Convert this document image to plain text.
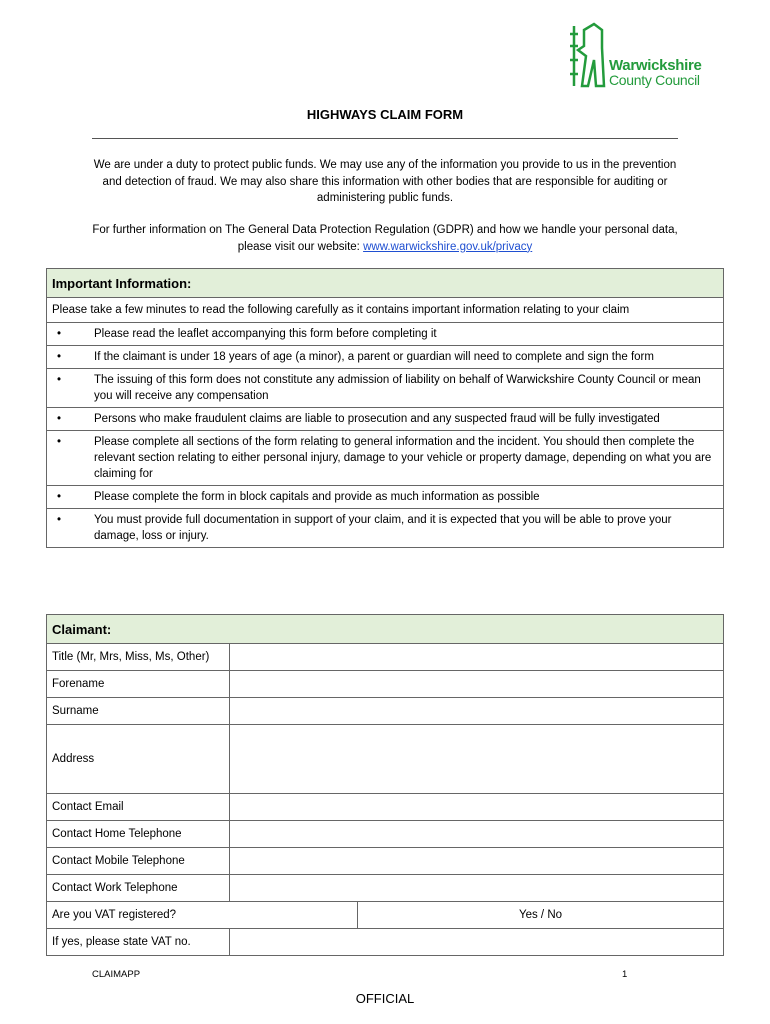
Warwickshire
County Council
HIGHWAYS CLAIM FORM
We are under a duty to protect public funds. We may use any of the information you provide to us in the prevention and detection of fraud. We may also share this information with other bodies that are responsible for auditing or administering public funds.
For further information on The General Data Protection Regulation (GDPR) and how we handle your personal data, please visit our website: www.warwickshire.gov.uk/privacy
Important Information:	
Please take a few minutes to read the following carefully as it contains important information relating to your claim	
•	Please read the leaflet accompanying this form before completing it
•	If the claimant is under 18 years of age (a minor), a parent or guardian will need to complete and sign the form
•	The issuing of this form does not constitute any admission of liability on behalf of Warwickshire County Council or mean you will receive any compensation
•	Persons who make fraudulent claims are liable to prosecution and any suspected fraud will be fully investigated
•	Please complete all sections of the form relating to general information and the incident. You should then complete the relevant section relating to either personal injury, damage to your vehicle or property damage, depending on what you are claiming for
•	Please complete the form in block capitals and provide as much information as possible
•	You must provide full documentation in support of your claim, and it is expected that you will be able to prove your damage, loss or injury.
Claimant:		
Title (Mr, Mrs, Miss, Ms, Other)		
Forename		
Surname		
Address		
Contact Email		
Contact Home Telephone		
Contact Mobile Telephone		
Contact Work Telephone		
Are you VAT registered?		Yes / No
If yes, please state VAT no.		
CLAIMAPP	1
OFFICIAL
